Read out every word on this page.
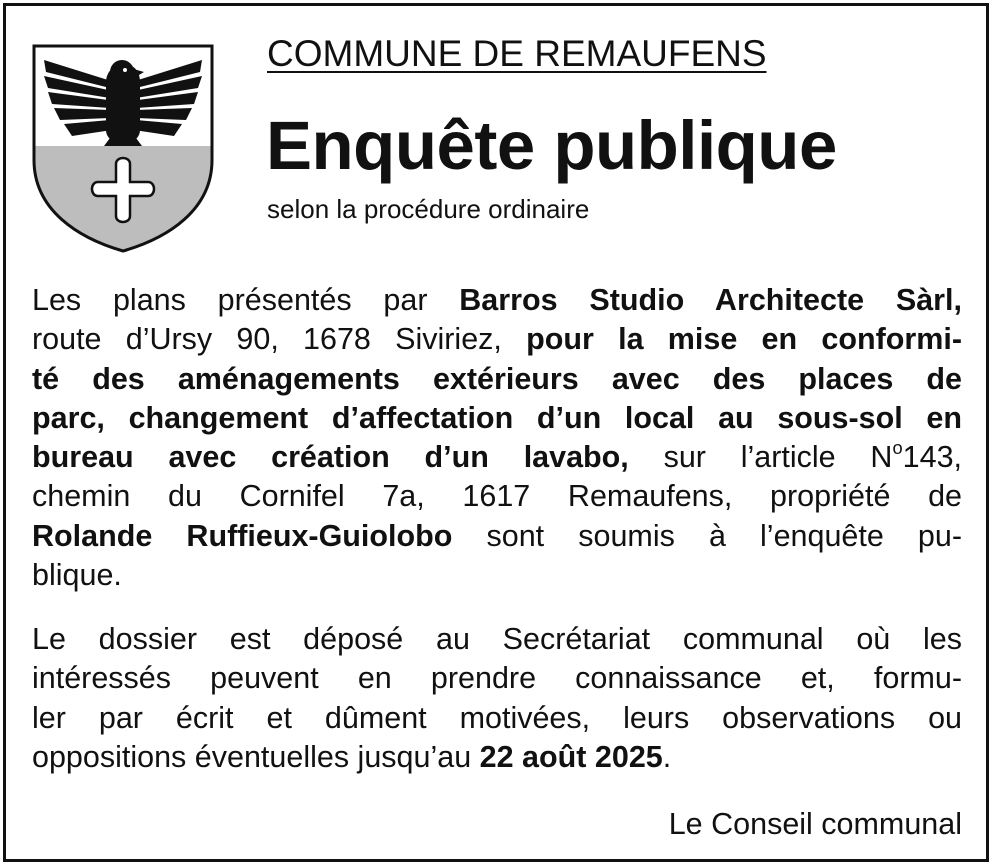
COMMUNE DE REMAUFENS
Enquête publique
selon la procédure ordinaire
Les plans présentés par Barros Studio Architecte Sàrl,
route d’Ursy 90, 1678 Siviriez, pour la mise en conformi-
té des aménagements extérieurs avec des places de
parc, changement d’affectation d’un local au sous-sol en
bureau avec création d’un lavabo, sur l’article $N^o143$,
chemin du Cornifel 7a, 1617 Remaufens, propriété de
Rolande Ruffieux-Guiolobo sont soumis à l’enquête pu-
blique.
Le dossier est déposé au Secrétariat communal où les
intéressés peuvent en prendre connaissance et, formu-
ler par écrit et dûment motivées, leurs observations ou
oppositions éventuelles jusqu’au 22 août 2025.
Le Conseil communal
